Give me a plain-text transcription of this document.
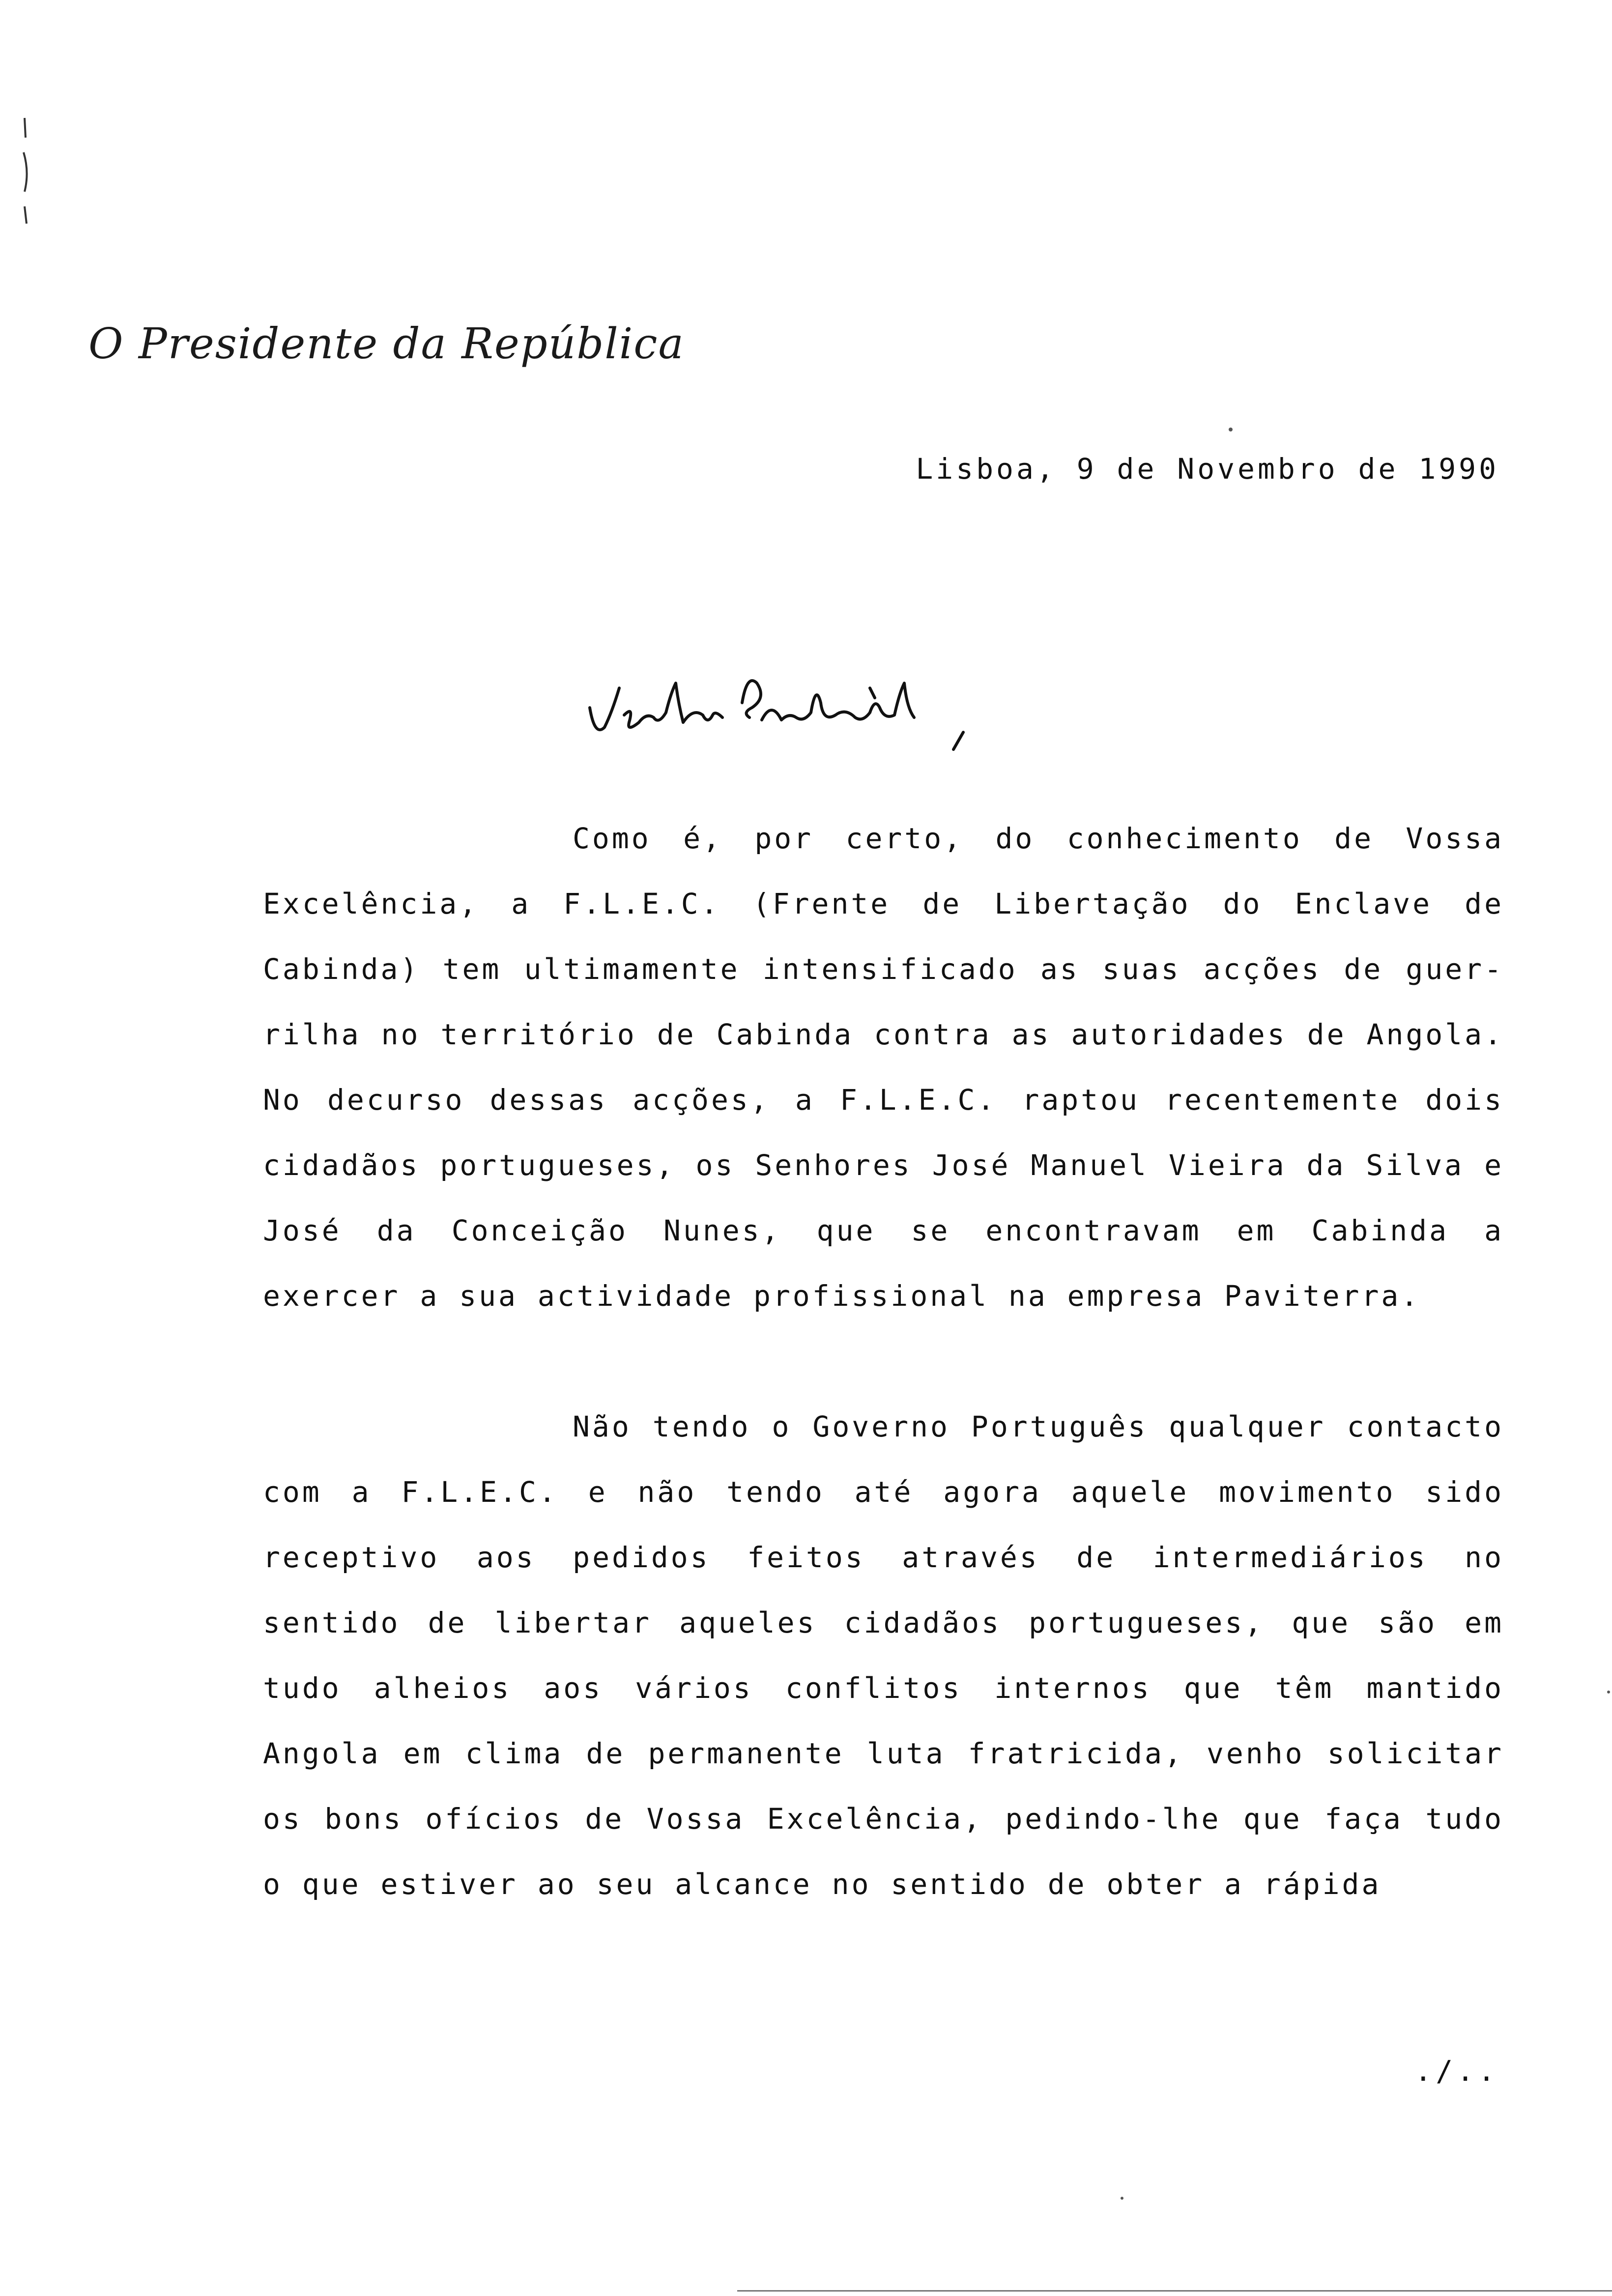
O Presidente da República
Lisboa, 9 de Novembro de 1990

Como é, por certo, do conhecimento de Vossa Excelência, a F.L.E.C. (Frente de Libertação do Enclave de Cabinda) tem ultimamente intensificado as suas acções de guer-rilha no território de Cabinda contra as autoridades de Angola. No decurso dessas acções, a F.L.E.C. raptou recentemente dois cidadãos portugueses, os Senhores José Manuel Vieira da Silva e José da Conceição Nunes, que se encontravam em Cabinda a exercer a sua actividade profissional na empresa Paviterra.

Não tendo o Governo Português qualquer contacto com a F.L.E.C. e não tendo até agora aquele movimento sido receptivo aos pedidos feitos através de intermediários no sentido de libertar aqueles cidadãos portugueses, que são em tudo alheios aos vários conflitos internos que têm mantido Angola em clima de permanente luta fratricida, venho solicitar os bons ofícios de Vossa Excelência, pedindo-lhe que faça tudo o que estiver ao seu alcance no sentido de obter a rápida

./..
